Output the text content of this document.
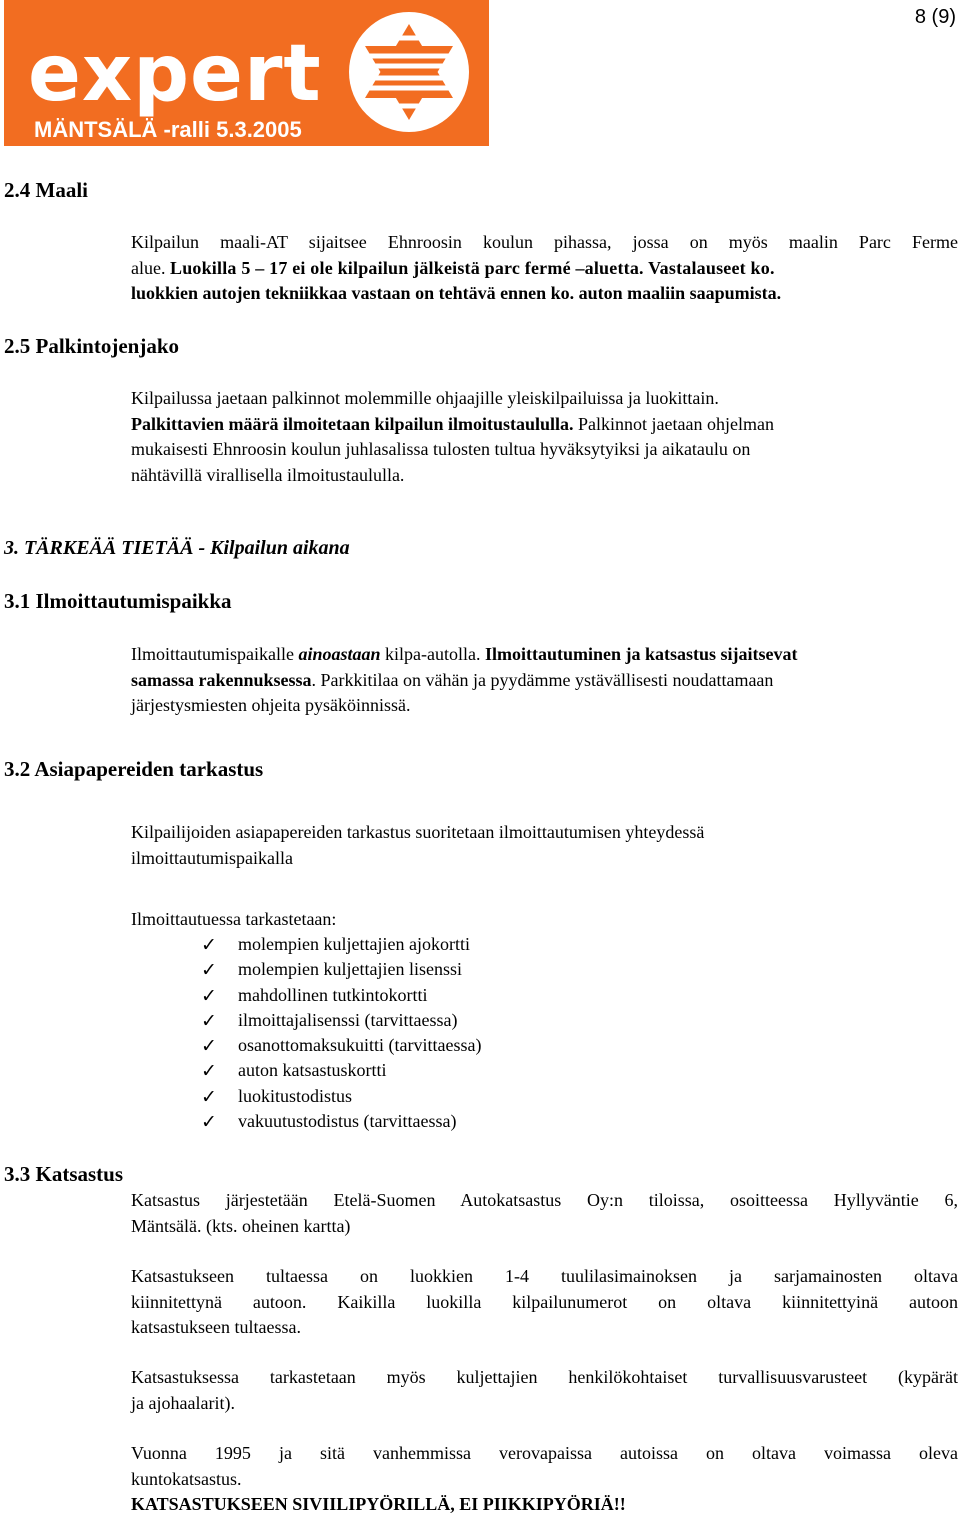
8 (9)
expert
MÄNTSÄLÄ -ralli 5.3.2005
2.4 Maali
Kilpailun maali-AT sijaitsee Ehnroosin koulun pihassa, jossa on myös maalin Parc Ferme
alue. Luokilla 5 – 17 ei ole kilpailun jälkeistä parc fermé –aluetta. Vastalauseet ko.
luokkien autojen tekniikkaa vastaan on tehtävä ennen ko. auton maaliin saapumista.
2.5 Palkintojenjako
Kilpailussa jaetaan palkinnot molemmille ohjaajille yleiskilpailuissa ja luokittain.
Palkittavien määrä ilmoitetaan kilpailun ilmoitustaululla. Palkinnot jaetaan ohjelman
mukaisesti Ehnroosin koulun juhlasalissa tulosten tultua hyväksytyiksi ja aikataulu on
nähtävillä virallisella ilmoitustaululla.
3. TÄRKEÄÄ TIETÄÄ - Kilpailun aikana
3.1 Ilmoittautumispaikka
Ilmoittautumispaikalle ainoastaan kilpa-autolla. Ilmoittautuminen ja katsastus sijaitsevat
samassa rakennuksessa. Parkkitilaa on vähän ja pyydämme ystävällisesti noudattamaan
järjestysmiesten ohjeita pysäköinnissä.
3.2 Asiapapereiden tarkastus
Kilpailijoiden asiapapereiden tarkastus suoritetaan ilmoittautumisen yhteydessä
ilmoittautumispaikalla
Ilmoittautuessa tarkastetaan:
✓ molempien kuljettajien ajokortti
✓ molempien kuljettajien lisenssi
✓ mahdollinen tutkintokortti
✓ ilmoittajalisenssi (tarvittaessa)
✓ osanottomaksukuitti (tarvittaessa)
✓ auton katsastuskortti
✓ luokitustodistus
✓ vakuutustodistus (tarvittaessa)
3.3 Katsastus
Katsastus järjestetään Etelä-Suomen Autokatsastus Oy:n tiloissa, osoitteessa Hyllyväntie 6,
Mäntsälä. (kts. oheinen kartta)
Katsastukseen tultaessa on luokkien 1-4 tuulilasimainoksen ja sarjamainosten oltava
kiinnitettynä autoon. Kaikilla luokilla kilpailunumerot on oltava kiinnitettyinä autoon
katsastukseen tultaessa.
Katsastuksessa tarkastetaan myös kuljettajien henkilökohtaiset turvallisuusvarusteet (kypärät
ja ajohaalarit).
Vuonna 1995 ja sitä vanhemmissa verovapaissa autoissa on oltava voimassa oleva
kuntokatsastus.
KATSASTUKSEEN SIVIILIPYÖRILLÄ, EI PIIKKIPYÖRIÄ!!
